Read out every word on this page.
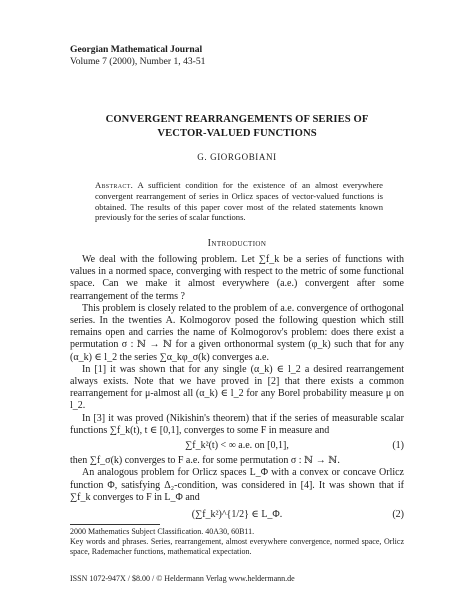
Georgian Mathematical Journal
Volume 7 (2000), Number 1, 43-51
CONVERGENT REARRANGEMENTS OF SERIES OF
VECTOR-VALUED FUNCTIONS
G. GIORGOBIANI
Abstract. A sufficient condition for the existence of an almost everywhere convergent rearrangement of series in Orlicz spaces of vector-valued functions is obtained. The results of this paper cover most of the related statements known previously for the series of scalar functions.
Introduction

We deal with the following problem. Let ∑f_k be a series of functions with values in a normed space, converging with respect to the metric of some functional space. Can we make it almost everywhere (a.e.) convergent after some rearrangement of the terms ?

This problem is closely related to the problem of a.e. convergence of orthogonal series. In the twenties A. Kolmogorov posed the following question which still remains open and carries the name of Kolmogorov's problem: does there exist a permutation σ : ℕ → ℕ for a given orthonormal system (φ_k) such that for any (α_k) ∈ l_2 the series ∑α_kφ_σ(k) converges a.e.

In [1] it was shown that for any single (α_k) ∈ l_2 a desired rearrangement always exists. Note that we have proved in [2] that there exists a common rearrangement for μ-almost all (α_k) ∈ l_2 for any Borel probability measure μ on l_2.

In [3] it was proved (Nikishin's theorem) that if the series of measurable scalar functions ∑f_k(t), t ∈ [0,1], converges to some F in measure and

∑f_k²(t) < ∞ a.e. on [0,1],	(1)

then ∑f_σ(k) converges to F a.e. for some permutation σ : ℕ → ℕ.

An analogous problem for Orlicz spaces L_Φ with a convex or concave Orlicz function Φ, satisfying Δ₂-condition, was considered in [4]. It was shown that if ∑f_k converges to F in L_Φ and

(∑f_k²)^{1/2} ∈ L_Φ.	(2)
2000 Mathematics Subject Classification. 40A30, 60B11.
Key words and phrases. Series, rearrangement, almost everywhere convergence, normed space, Orlicz space, Rademacher functions, mathematical expectation.
ISSN 1072-947X / $8.00 / © Heldermann Verlag www.heldermann.de
